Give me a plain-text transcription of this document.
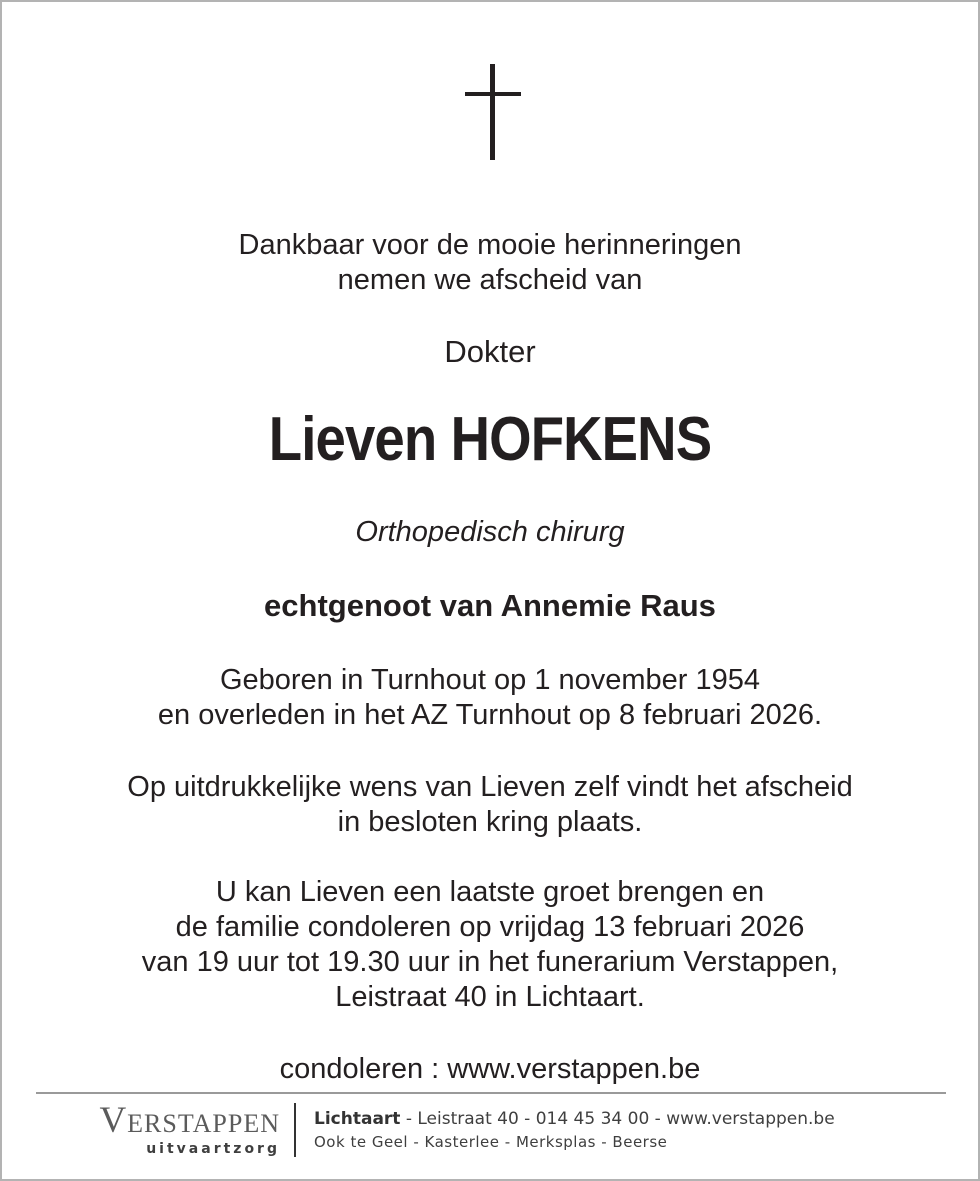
Dankbaar voor de mooie herinneringen
nemen we afscheid van
Dokter
Lieven HOFKENS
Orthopedisch chirurg
echtgenoot van Annemie Raus
Geboren in Turnhout op 1 november 1954
en overleden in het AZ Turnhout op 8 februari 2026.
Op uitdrukkelijke wens van Lieven zelf vindt het afscheid
in besloten kring plaats.
U kan Lieven een laatste groet brengen en
de familie condoleren op vrijdag 13 februari 2026
van 19 uur tot 19.30 uur in het funerarium Verstappen,
Leistraat 40 in Lichtaart.
condoleren : www.verstappen.be
Verstappen
uitvaartzorg
Lichtaart - Leistraat 40 - 014 45 34 00 - www.verstappen.be
Ook te Geel - Kasterlee - Merksplas - Beerse
